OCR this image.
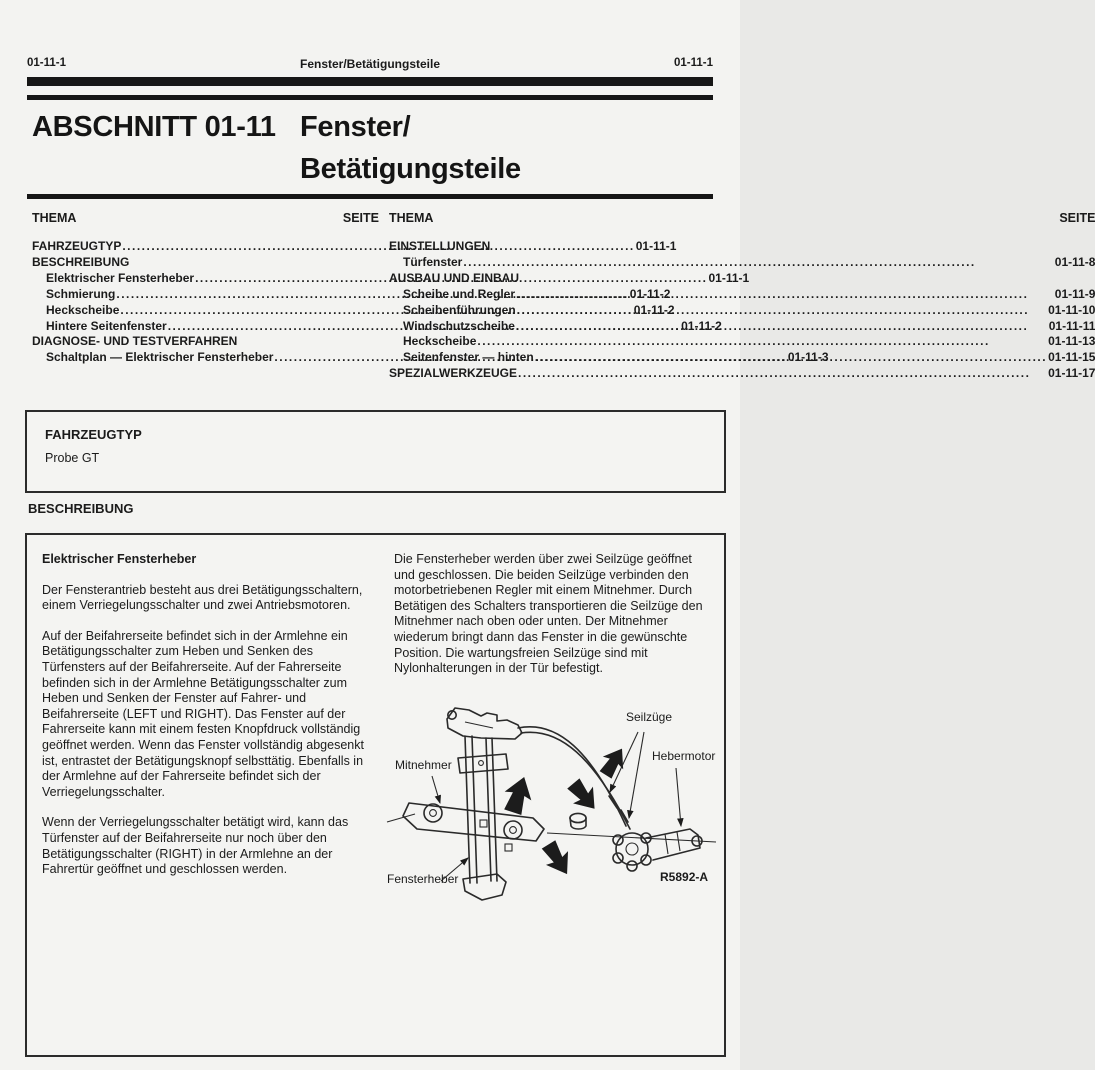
01-11-1	Fenster/Betätigungsteile	01-11-1
ABSCHNITT 01-11 Fenster/
Betätigungsteile
THEMA	SEITE
FAHRZEUGTYP .....	01-11-1
BESCHREIBUNG
Elektrischer Fensterheber .....	01-11-1
Schmierung .....	01-11-2
Heckscheibe .....	01-11-2
Hintere Seitenfenster .....	01-11-2
DIAGNOSE- UND TESTVERFAHREN
Schaltplan — Elektrischer Fensterheber .....	01-11-3
THEMA	SEITE
EINSTELLUNGEN
Türfenster .....	01-11-8
AUSBAU UND EINBAU
Scheibe und Regler .....	01-11-9
Scheibenführungen .....	01-11-10
Windschutzscheibe .....	01-11-11
Heckscheibe .....	01-11-13
Seitenfenster — hinten .....	01-11-15
SPEZIALWERKZEUGE .....	01-11-17
FAHRZEUGTYP
Probe GT
BESCHREIBUNG

Elektrischer Fensterheber

Der Fensterantrieb besteht aus drei Betätigungsschaltern, einem Verriegelungsschalter und zwei Antriebsmotoren.

Auf der Beifahrerseite befindet sich in der Armlehne ein Betätigungsschalter zum Heben und Senken des Türfensters auf der Beifahrerseite. Auf der Fahrerseite befinden sich in der Armlehne Betätigungsschalter zum Heben und Senken der Fenster auf Fahrer- und Beifahrerseite (LEFT und RIGHT). Das Fenster auf der Fahrerseite kann mit einem festen Knopfdruck vollständig geöffnet werden. Wenn das Fenster vollständig abgesenkt ist, entrastet der Betätigungsknopf selbsttätig. Ebenfalls in der Armlehne auf der Fahrerseite befindet sich der Verriegelungsschalter.

Wenn der Verriegelungsschalter betätigt wird, kann das Türfenster auf der Beifahrerseite nur noch über den Betätigungsschalter (RIGHT) in der Armlehne an der Fahrertür geöffnet und geschlossen werden.

Die Fensterheber werden über zwei Seilzüge geöffnet und geschlossen. Die beiden Seilzüge verbinden den motorbetriebenen Regler mit einem Mitnehmer. Durch Betätigen des Schalters transportieren die Seilzüge den Mitnehmer nach oben oder unten. Der Mitnehmer wiederum bringt dann das Fenster in die gewünschte Position. Die wartungsfreien Seilzüge sind mit Nylonhalterungen in der Tür befestigt.

Seilzüge
Hebermotor
Mitnehmer
Fensterheber	R5892-A
